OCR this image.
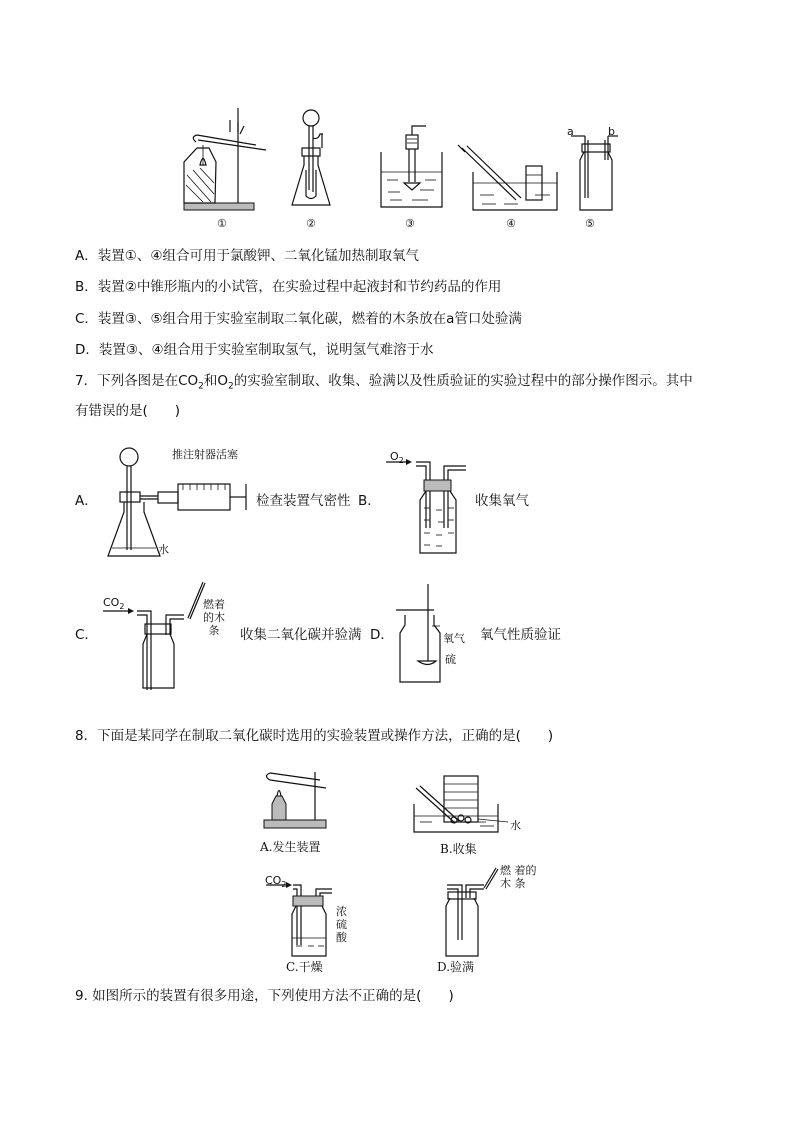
①	②	③	④	⑤
a	b
A．装置①、④组合可用于氯酸钾、二氧化锰加热制取氧气
B．装置②中锥形瓶内的小试管，在实验过程中起液封和节约药品的作用
C．装置③、⑤组合用于实验室制取二氧化碳，燃着的木条放在a管口处验满
D．装置③、④组合用于实验室制取氢气，说明氢气难溶于水
7．下列各图是在$CO_2$和$O_2$的实验室制取、收集、验满以及性质验证的实验过程中的部分操作图示。其中
有错误的是(　　)
推注射器活塞
水
$O_2$
$CO_2$	燃着
的木
条
氧气
硫
A．	检查装置气密性 B．	收集氧气
C．	收集二氧化碳并验满 D．	氧气性质验证
8．下面是某同学在制取二氧化碳时选用的实验装置或操作方法，正确的是(　　)
A.发生装置	B.收集
C.干燥	D.验满
水
$CO_2$
浓
硫
酸
燃 着的
木 条
9. 如图所示的装置有很多用途，下列使用方法不正确的是(　　)
